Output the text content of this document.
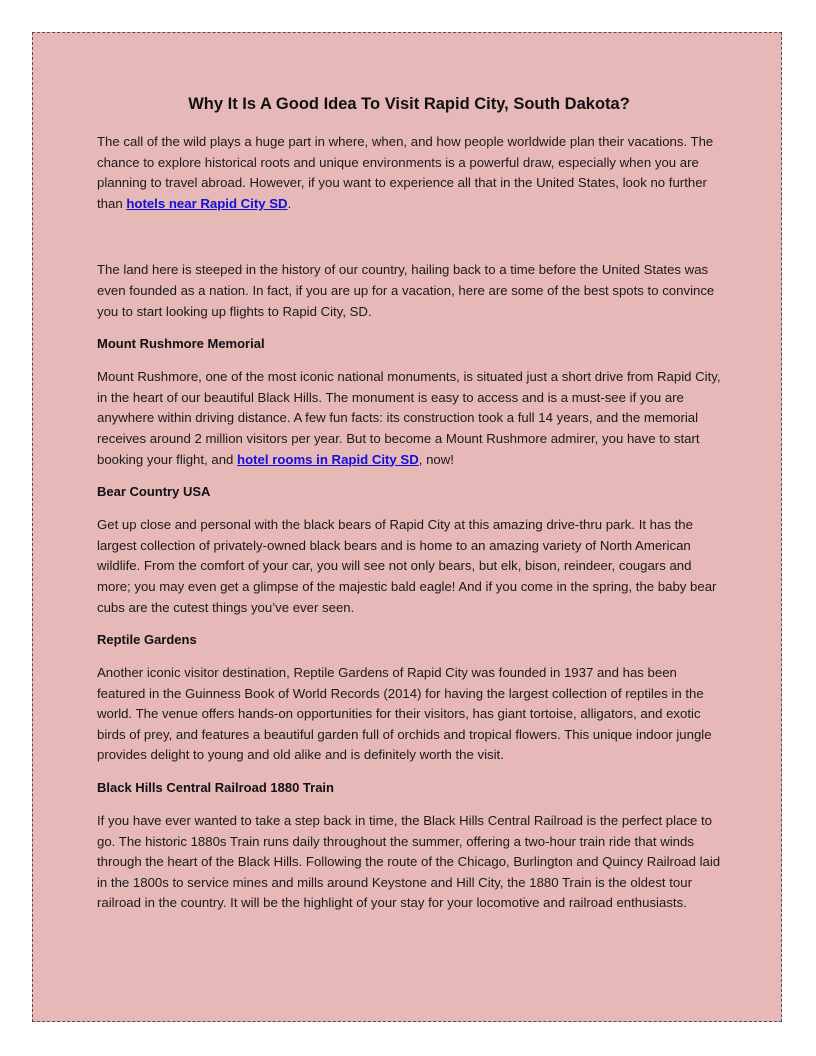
Why It Is A Good Idea To Visit Rapid City, South Dakota?

The call of the wild plays a huge part in where, when, and how people worldwide plan their vacations. The chance to explore historical roots and unique environments is a powerful draw, especially when you are planning to travel abroad. However, if you want to experience all that in the United States, look no further than hotels near Rapid City SD.

The land here is steeped in the history of our country, hailing back to a time before the United States was even founded as a nation. In fact, if you are up for a vacation, here are some of the best spots to convince you to start looking up flights to Rapid City, SD.

Mount Rushmore Memorial

Mount Rushmore, one of the most iconic national monuments, is situated just a short drive from Rapid City, in the heart of our beautiful Black Hills. The monument is easy to access and is a must-see if you are anywhere within driving distance. A few fun facts: its construction took a full 14 years, and the memorial receives around 2 million visitors per year. But to become a Mount Rushmore admirer, you have to start booking your flight, and hotel rooms in Rapid City SD, now!

Bear Country USA

Get up close and personal with the black bears of Rapid City at this amazing drive-thru park. It has the largest collection of privately-owned black bears and is home to an amazing variety of North American wildlife. From the comfort of your car, you will see not only bears, but elk, bison, reindeer, cougars and more; you may even get a glimpse of the majestic bald eagle! And if you come in the spring, the baby bear cubs are the cutest things you’ve ever seen.

Reptile Gardens

Another iconic visitor destination, Reptile Gardens of Rapid City was founded in 1937 and has been featured in the Guinness Book of World Records (2014) for having the largest collection of reptiles in the world. The venue offers hands-on opportunities for their visitors, has giant tortoise, alligators, and exotic birds of prey, and features a beautiful garden full of orchids and tropical flowers. This unique indoor jungle provides delight to young and old alike and is definitely worth the visit.

Black Hills Central Railroad 1880 Train

If you have ever wanted to take a step back in time, the Black Hills Central Railroad is the perfect place to go. The historic 1880s Train runs daily throughout the summer, offering a two-hour train ride that winds through the heart of the Black Hills. Following the route of the Chicago, Burlington and Quincy Railroad laid in the 1800s to service mines and mills around Keystone and Hill City, the 1880 Train is the oldest tour railroad in the country. It will be the highlight of your stay for your locomotive and railroad enthusiasts.
